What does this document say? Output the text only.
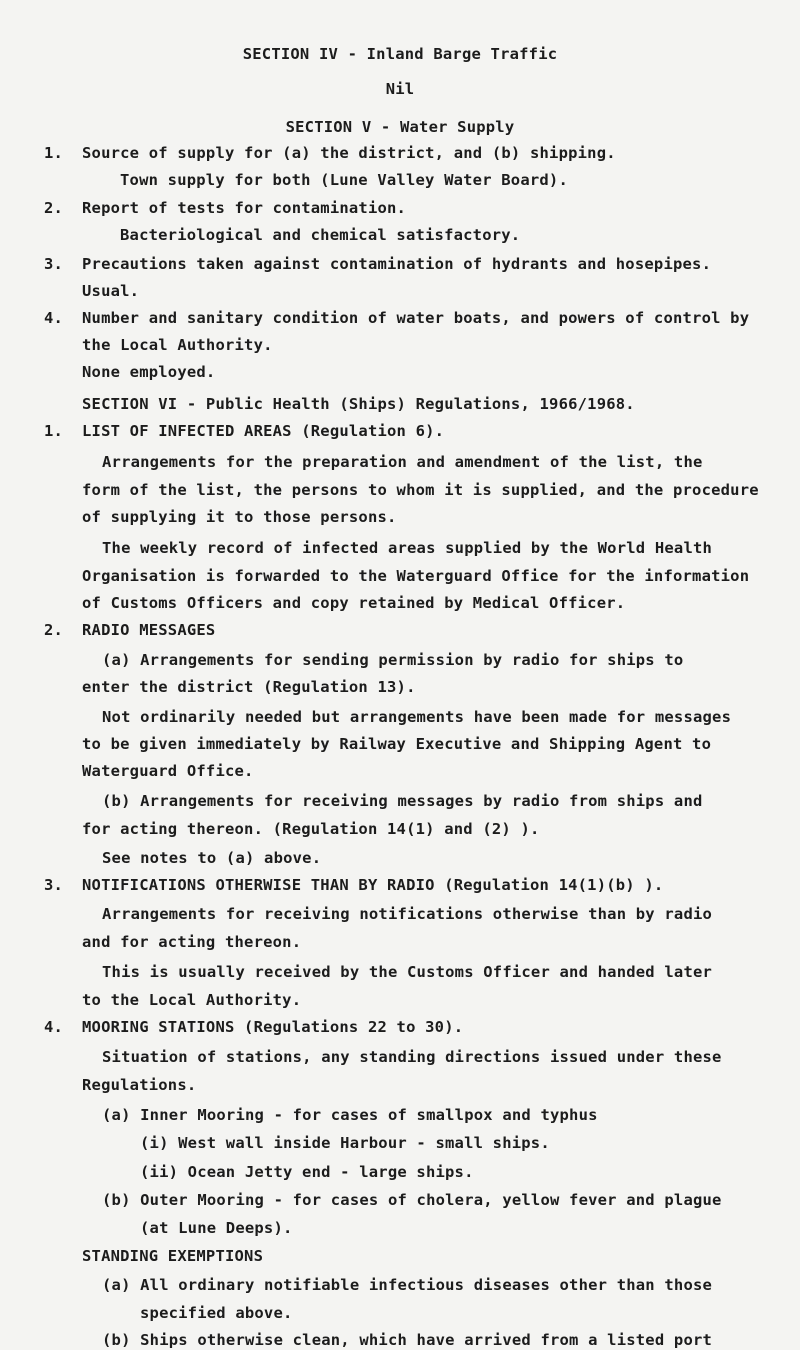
SECTION IV - Inland Barge Traffic
Nil
SECTION V - Water Supply
1. Source of supply for (a) the district, and (b) shipping.
Town supply for both (Lune Valley Water Board).
2. Report of tests for contamination.
Bacteriological and chemical satisfactory.
3. Precautions taken against contamination of hydrants and hosepipes.
Usual.
4. Number and sanitary condition of water boats, and powers of control by
the Local Authority.
None employed.
SECTION VI - Public Health (Ships) Regulations, 1966/1968.
1. LIST OF INFECTED AREAS (Regulation 6).
Arrangements for the preparation and amendment of the list, the
form of the list, the persons to whom it is supplied, and the procedure
of supplying it to those persons.
The weekly record of infected areas supplied by the World Health
Organisation is forwarded to the Waterguard Office for the information
of Customs Officers and copy retained by Medical Officer.
2. RADIO MESSAGES
(a) Arrangements for sending permission by radio for ships to
enter the district (Regulation 13).
Not ordinarily needed but arrangements have been made for messages
to be given immediately by Railway Executive and Shipping Agent to
Waterguard Office.
(b) Arrangements for receiving messages by radio from ships and
for acting thereon. (Regulation 14(1) and (2) ).
See notes to (a) above.
3. NOTIFICATIONS OTHERWISE THAN BY RADIO (Regulation 14(1)(b) ).
Arrangements for receiving notifications otherwise than by radio
and for acting thereon.
This is usually received by the Customs Officer and handed later
to the Local Authority.
4. MOORING STATIONS (Regulations 22 to 30).
Situation of stations, any standing directions issued under these
Regulations.
(a) Inner Mooring - for cases of smallpox and typhus
(i) West wall inside Harbour - small ships.
(ii) Ocean Jetty end - large ships.
(b) Outer Mooring - for cases of cholera, yellow fever and plague
(at Lune Deeps).
STANDING EXEMPTIONS
(a) All ordinary notifiable infectious diseases other than those
specified above.
(b) Ships otherwise clean, which have arrived from a listed port
